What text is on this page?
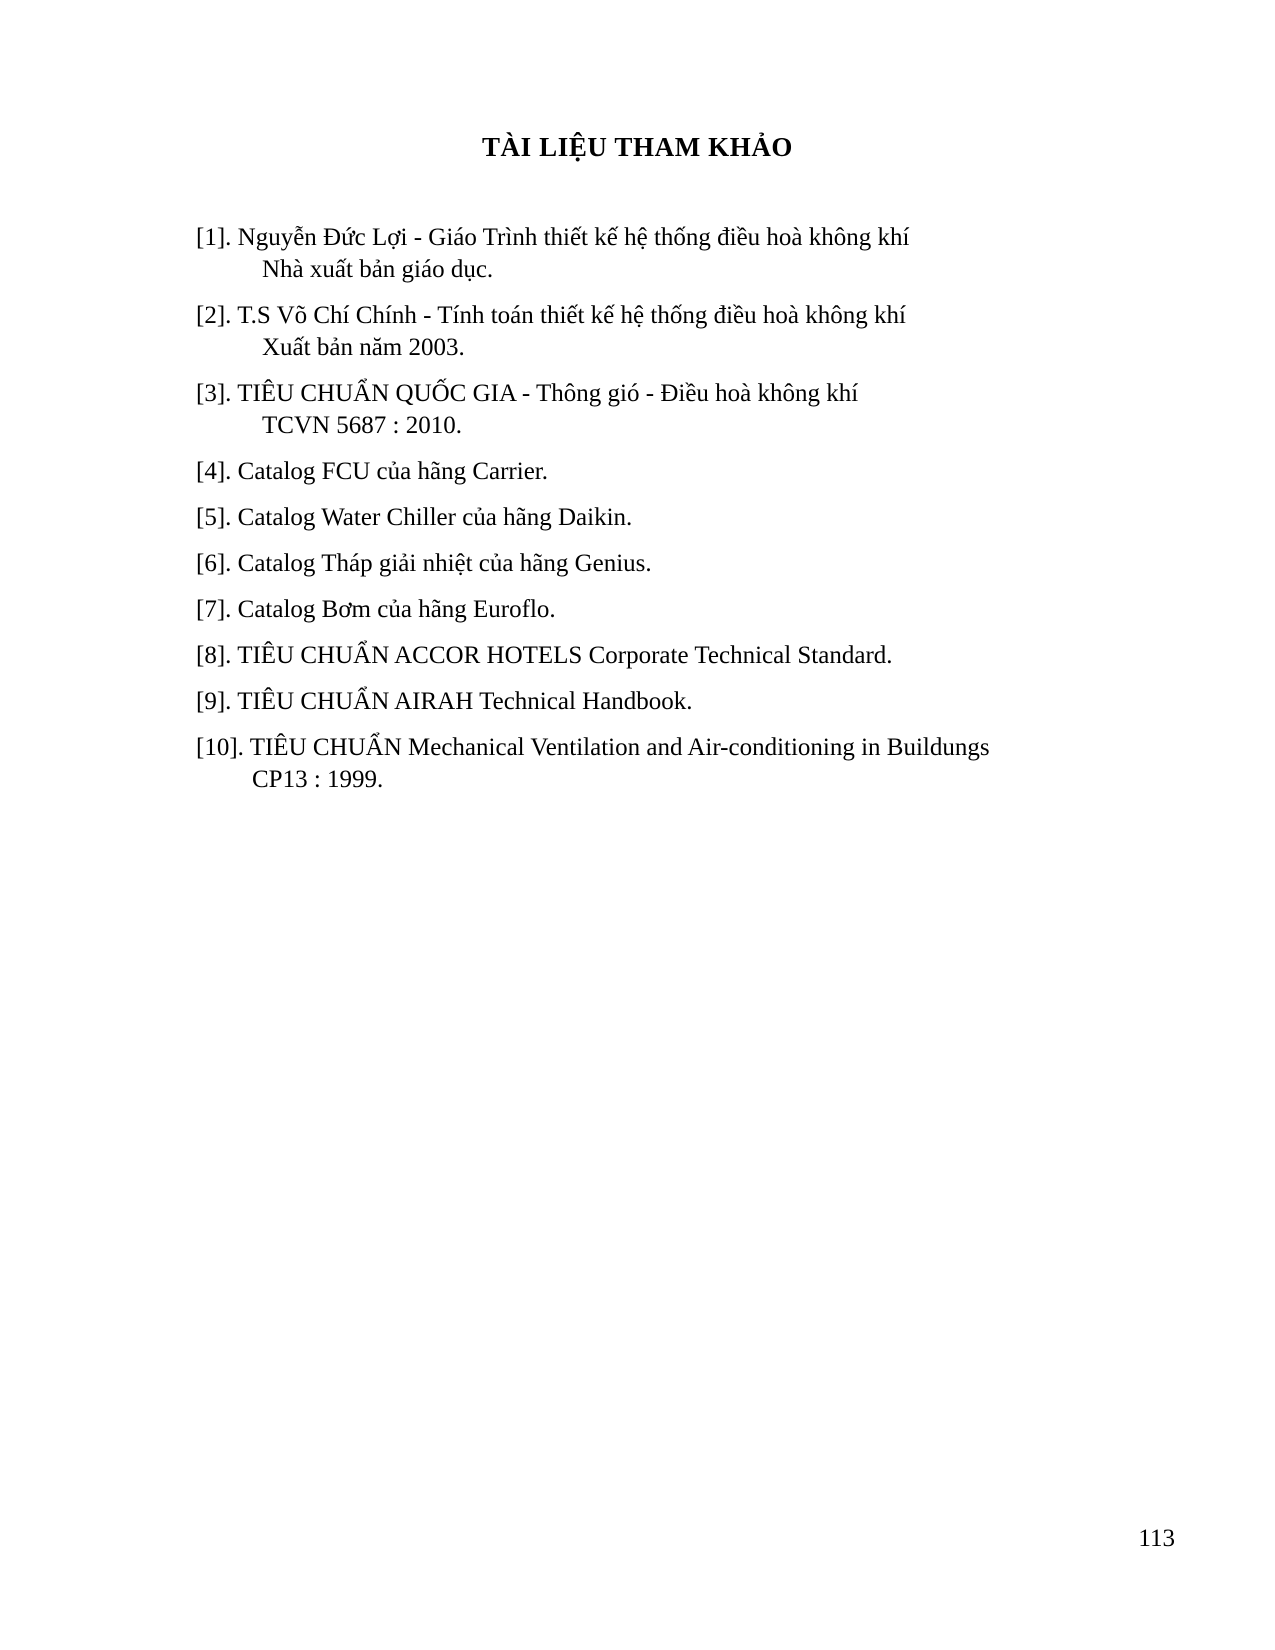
TÀI LIỆU THAM KHẢO
[1]. Nguyễn Đức Lợi - Giáo Trình thiết kế hệ thống điều hoà không khí
Nhà xuất bản giáo dục.
[2]. T.S Võ Chí Chính - Tính toán thiết kế hệ thống điều hoà không khí
Xuất bản năm 2003.
[3]. TIÊU CHUẨN QUỐC GIA - Thông gió - Điều hoà không khí
TCVN 5687 : 2010.
[4]. Catalog FCU của hãng Carrier.
[5]. Catalog Water Chiller của hãng Daikin.
[6]. Catalog Tháp giải nhiệt của hãng Genius.
[7]. Catalog Bơm của hãng Euroflo.
[8]. TIÊU CHUẨN ACCOR HOTELS Corporate Technical Standard.
[9]. TIÊU CHUẨN AIRAH Technical Handbook.
[10]. TIÊU CHUẨN Mechanical Ventilation and Air-conditioning in Buildungs
CP13 : 1999.
113
